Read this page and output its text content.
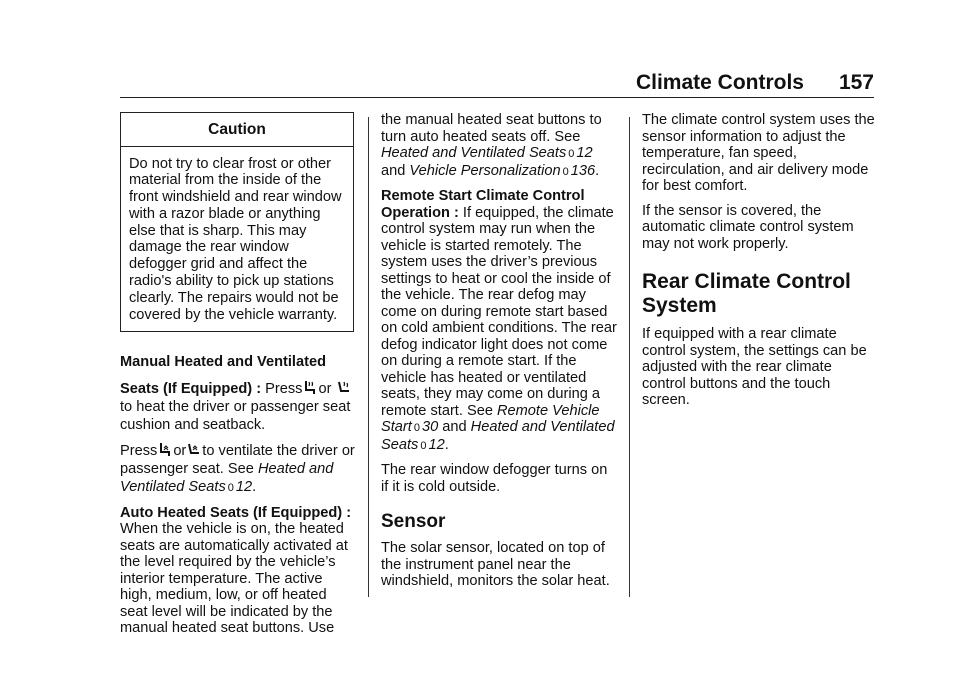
Climate Controls 157
Caution
Do not try to clear frost or other material from the inside of the front windshield and rear window with a razor blade or anything else that is sharp. This may damage the rear window defogger grid and affect the radio's ability to pick up stations clearly. The repairs would not be covered by the vehicle warranty.

Manual Heated and Ventilated

Seats (If Equipped) : Press or to heat the driver or passenger seat cushion and seatback.

Press or to ventilate the driver or passenger seat. See Heated and Ventilated Seats 0 12.

Auto Heated Seats (If Equipped) : When the vehicle is on, the heated seats are automatically activated at the level required by the vehicle’s interior temperature. The active high, medium, low, or off heated seat level will be indicated by the manual heated seat buttons. Use

the manual heated seat buttons to turn auto heated seats off. See Heated and Ventilated Seats 0 12 and Vehicle Personalization 0 136.

Remote Start Climate Control Operation : If equipped, the climate control system may run when the vehicle is started remotely. The system uses the driver’s previous settings to heat or cool the inside of the vehicle. The rear defog may come on during remote start based on cold ambient conditions. The rear defog indicator light does not come on during a remote start. If the vehicle has heated or ventilated seats, they may come on during a remote start. See Remote Vehicle Start 0 30 and Heated and Ventilated Seats 0 12.

The rear window defogger turns on if it is cold outside.

Sensor

The solar sensor, located on top of the instrument panel near the windshield, monitors the solar heat.

The climate control system uses the sensor information to adjust the temperature, fan speed, recirculation, and air delivery mode for best comfort.

If the sensor is covered, the automatic climate control system may not work properly.

Rear Climate Control
System

If equipped with a rear climate control system, the settings can be adjusted with the rear climate control buttons and the touch screen.
